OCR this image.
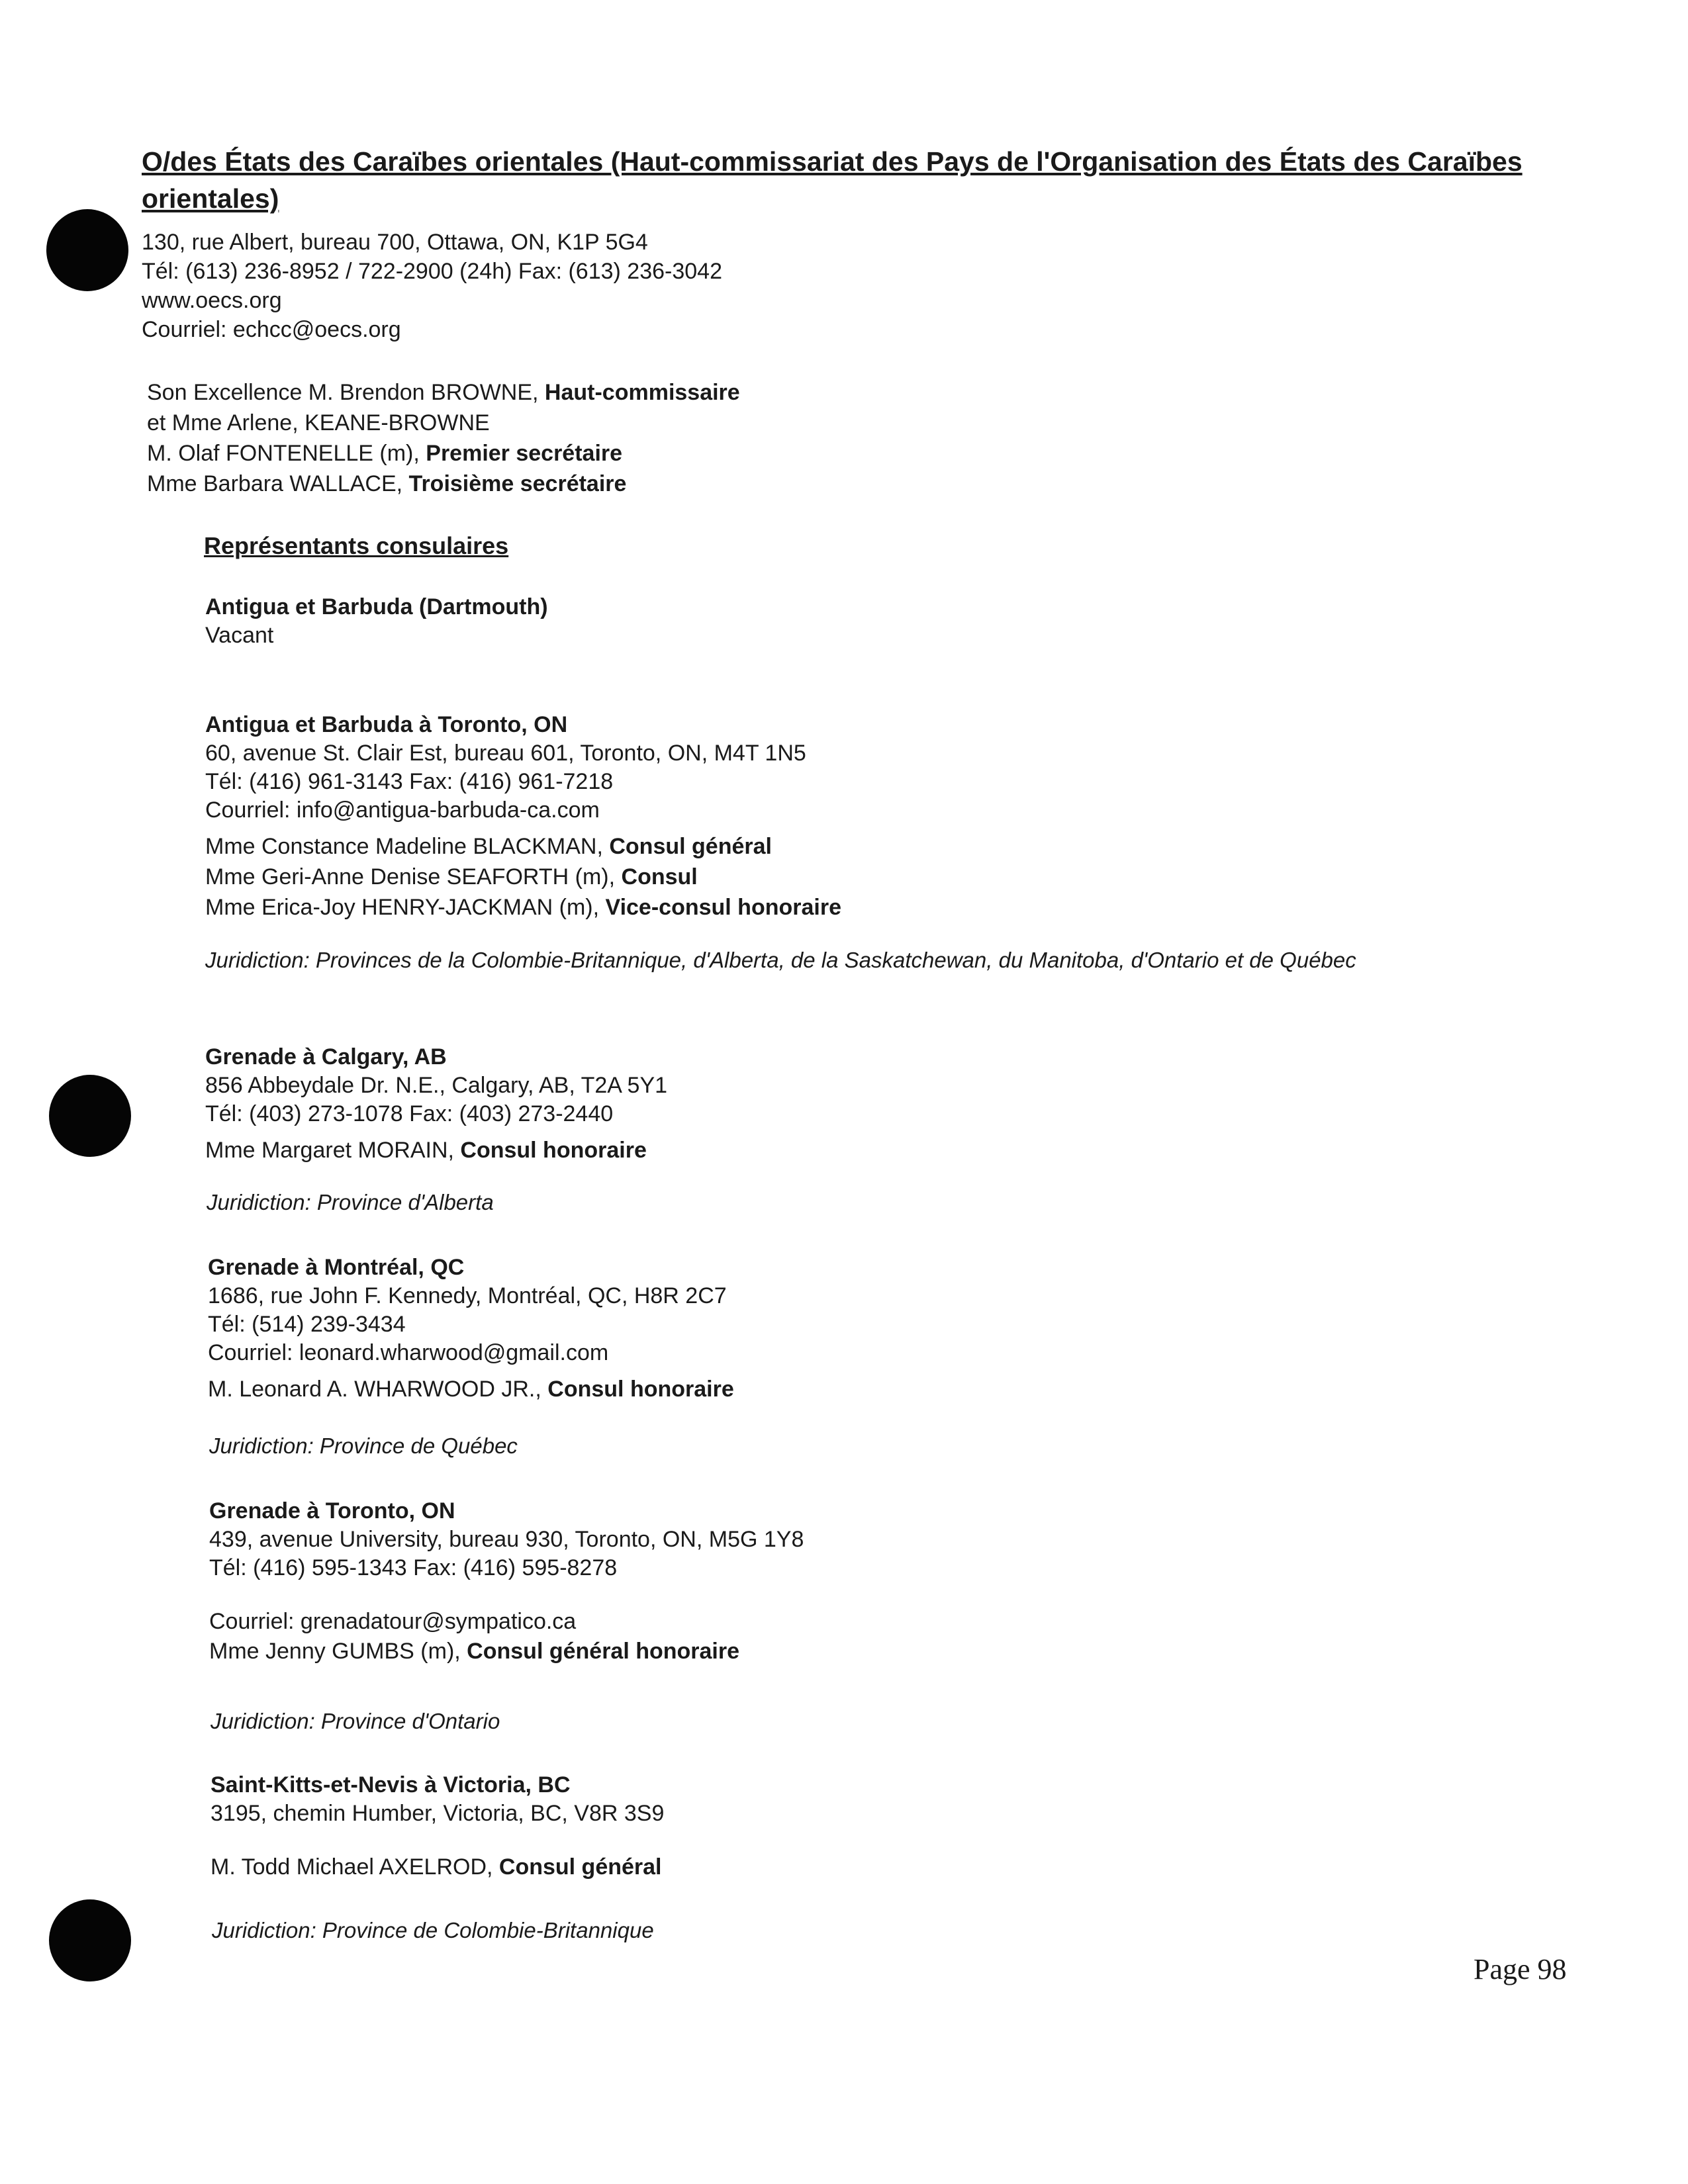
O/des États des Caraïbes orientales (Haut-commissariat des Pays de l'Organisation des États des Caraïbes orientales)
130, rue Albert, bureau 700, Ottawa, ON, K1P 5G4
Tél: (613) 236-8952 / 722-2900 (24h) Fax: (613) 236-3042
www.oecs.org
Courriel: echcc@oecs.org
Son Excellence M. Brendon BROWNE, Haut-commissaire
et Mme Arlene, KEANE-BROWNE
M. Olaf FONTENELLE (m), Premier secrétaire
Mme Barbara WALLACE, Troisième secrétaire
Représentants consulaires
Antigua et Barbuda (Dartmouth)
Vacant
Antigua et Barbuda à Toronto, ON
60, avenue St. Clair Est, bureau 601, Toronto, ON, M4T 1N5
Tél: (416) 961-3143 Fax: (416) 961-7218
Courriel: info@antigua-barbuda-ca.com
Mme Constance Madeline BLACKMAN, Consul général
Mme Geri-Anne Denise SEAFORTH (m), Consul
Mme Erica-Joy HENRY-JACKMAN (m), Vice-consul honoraire
Juridiction: Provinces de la Colombie-Britannique, d'Alberta, de la Saskatchewan, du Manitoba, d'Ontario et de Québec
Grenade à Calgary, AB
856 Abbeydale Dr. N.E., Calgary, AB, T2A 5Y1
Tél: (403) 273-1078 Fax: (403) 273-2440
Mme Margaret MORAIN, Consul honoraire
Juridiction: Province d'Alberta
Grenade à Montréal, QC
1686, rue John F. Kennedy, Montréal, QC, H8R 2C7
Tél: (514) 239-3434
Courriel: leonard.wharwood@gmail.com
M. Leonard A. WHARWOOD JR., Consul honoraire
Juridiction: Province de Québec
Grenade à Toronto, ON
439, avenue University, bureau 930, Toronto, ON, M5G 1Y8
Tél: (416) 595-1343 Fax: (416) 595-8278
Courriel: grenadatour@sympatico.ca
Mme Jenny GUMBS (m), Consul général honoraire
Juridiction: Province d'Ontario
Saint-Kitts-et-Nevis à Victoria, BC
3195, chemin Humber, Victoria, BC, V8R 3S9
M. Todd Michael AXELROD, Consul général
Juridiction: Province de Colombie-Britannique
Page 98
